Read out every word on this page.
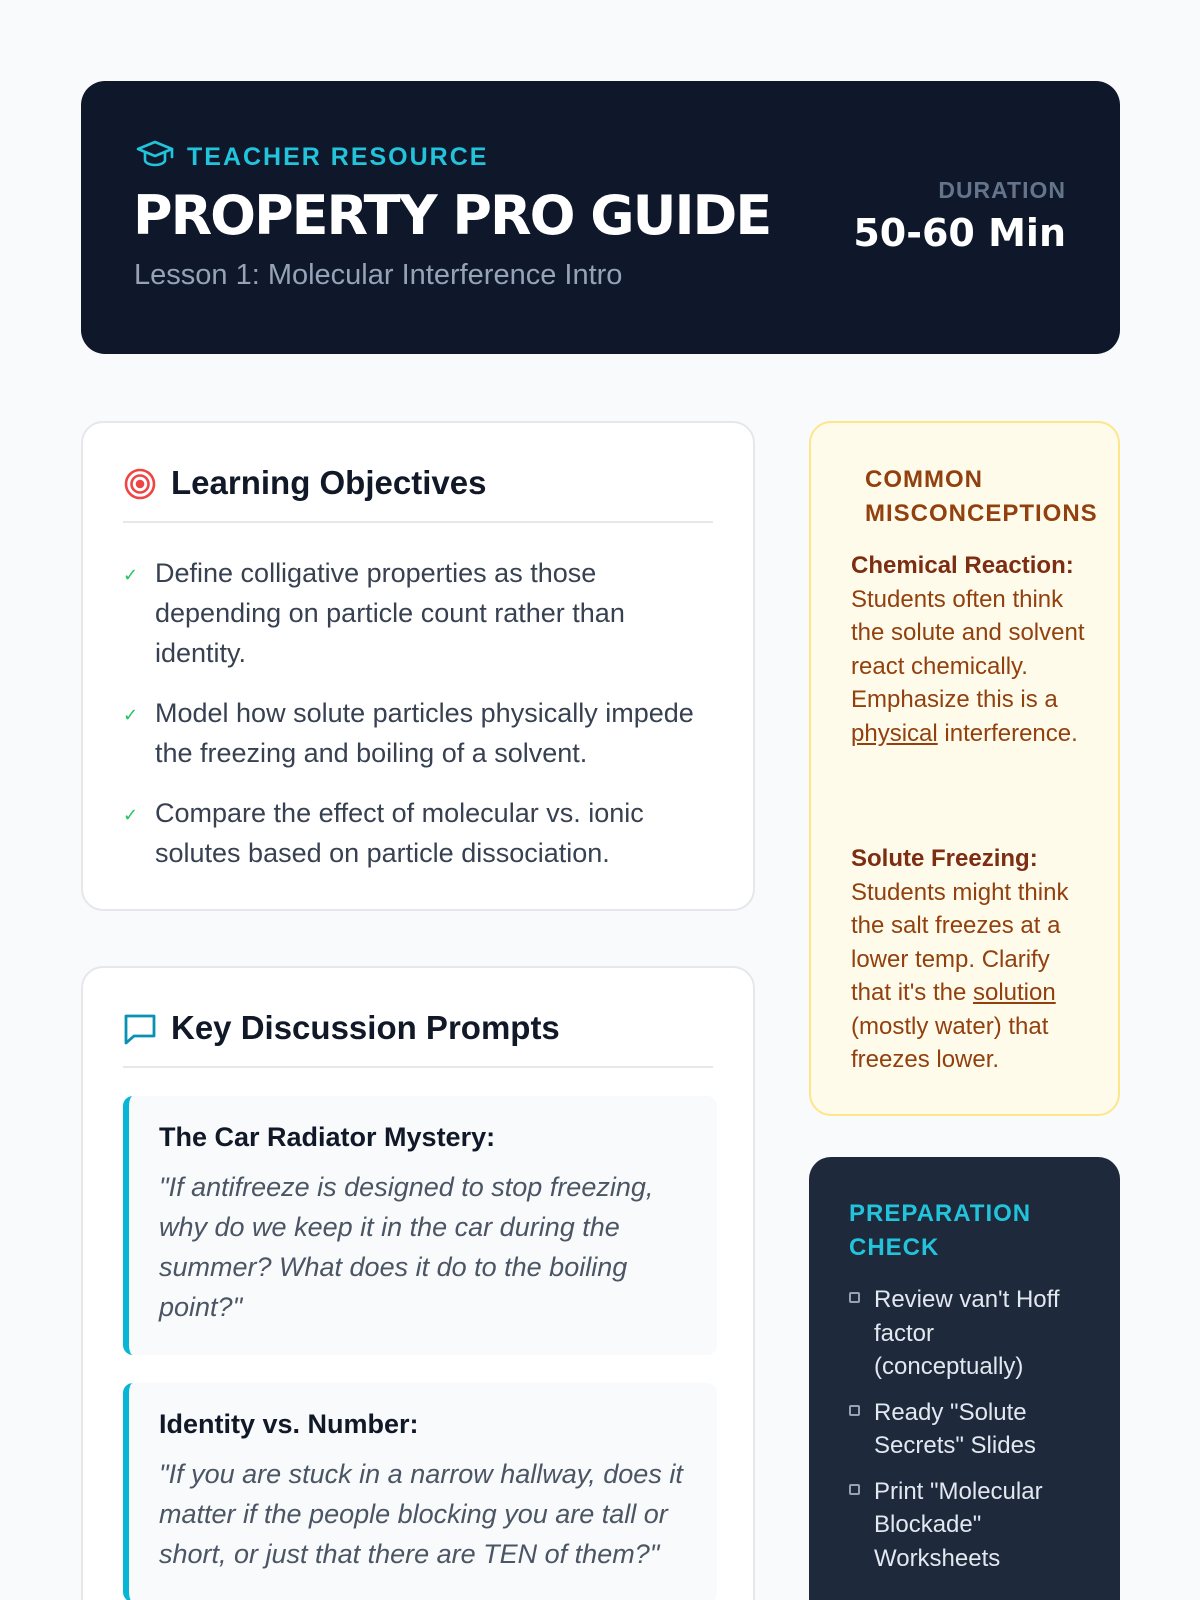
TEACHER RESOURCE
PROPERTY PRO GUIDE
Lesson 1: Molecular Interference Intro
DURATION
50-60 Min
Learning Objectives
✓ Define colligative properties as those depending on particle count rather than identity.
✓ Model how solute particles physically impede the freezing and boiling of a solvent.
✓ Compare the effect of molecular vs. ionic solutes based on particle dissociation.
Key Discussion Prompts
The Car Radiator Mystery:

"If antifreeze is designed to stop freezing, why do we keep it in the car during the summer? What does it do to the boiling point?"

Identity vs. Number:

"If you are stuck in a narrow hallway, does it matter if the people blocking you are tall or short, or just that there are TEN of them?"

COMMON MISCONCEPTIONS
Chemical Reaction:
Students often think the solute and solvent react chemically. Emphasize this is a physical interference.
Solute Freezing:
Students might think the salt freezes at a lower temp. Clarify that it's the solution (mostly water) that freezes lower.
PREPARATION CHECK
Review van't Hoff factor (conceptually)
Ready "Solute Secrets" Slides
Print "Molecular Blockade" Worksheets
